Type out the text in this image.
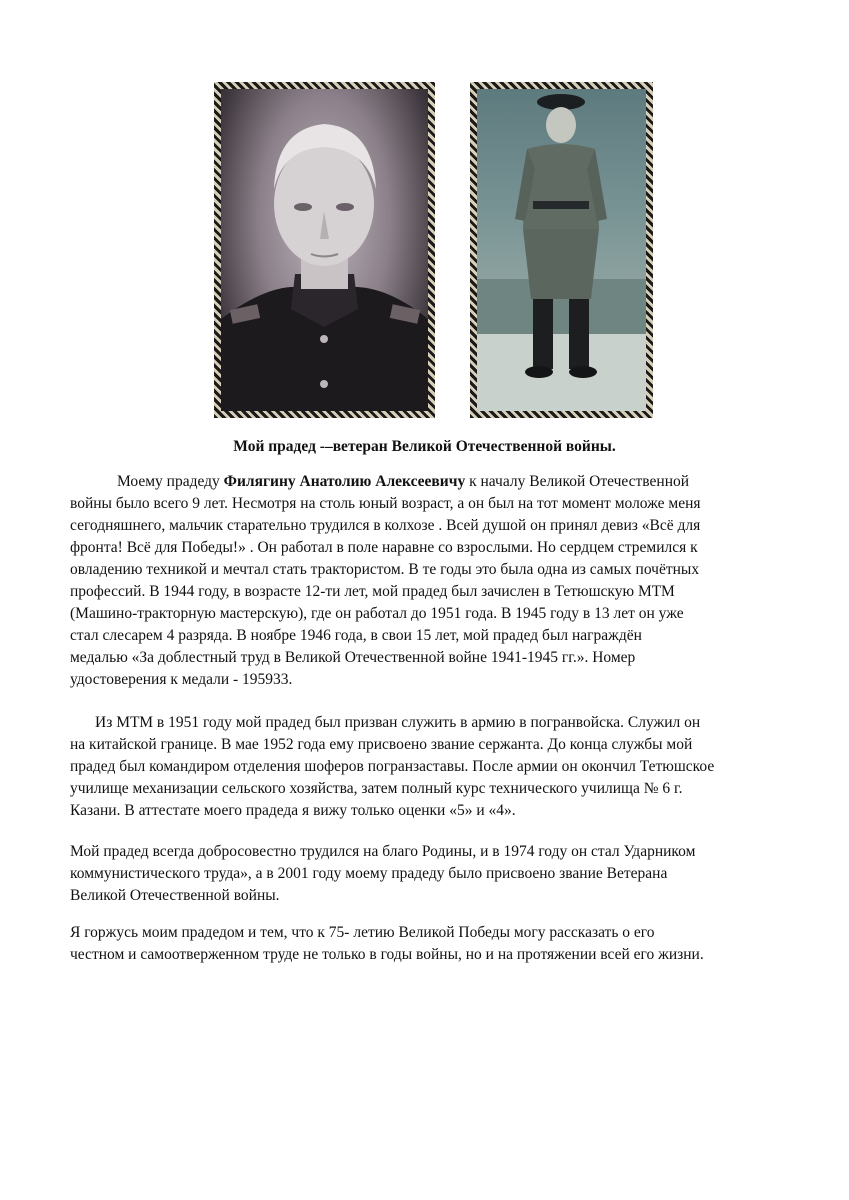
Мой прадед -–ветеран Великой Отечественной войны.
Моему прадеду Филягину Анатолию Алексеевичу к началу Великой Отечественной
войны было всего 9 лет. Несмотря на столь юный возраст, а он был на тот момент моложе меня
сегодняшнего, мальчик старательно трудился в колхозе . Всей душой он принял девиз «Всё для
фронта! Всё для Победы!» . Он работал в поле наравне со взрослыми. Но сердцем стремился к
овладению техникой и мечтал стать трактористом. В те годы это была одна из самых почётных
профессий. В 1944 году, в возрасте 12-ти лет, мой прадед был зачислен в Тетюшскую МТМ
(Машино-тракторную мастерскую), где он работал до 1951 года. В 1945 году в 13 лет он уже
стал слесарем 4 разряда. В ноябре 1946 года, в свои 15 лет, мой прадед был награждён
медалью «За доблестный труд в Великой Отечественной войне 1941-1945 гг.». Номер
удостоверения к медали - 195933.
Из МТМ в 1951 году мой прадед был призван служить в армию в погранвойска. Служил он
на китайской границе. В мае 1952 года ему присвоено звание сержанта. До конца службы мой
прадед был командиром отделения шоферов погранзаставы. После армии он окончил Тетюшское
училище механизации сельского хозяйства, затем полный курс технического училища № 6 г.
Казани. В аттестате моего прадеда я вижу только оценки «5» и «4».
Мой прадед всегда добросовестно трудился на благо Родины, и в 1974 году он стал Ударником
коммунистического труда», а в 2001 году моему прадеду было присвоено звание Ветерана
Великой Отечественной войны.
Я горжусь моим прадедом и тем, что к 75- летию Великой Победы могу рассказать о его
честном и самоотверженном труде не только в годы войны, но и на протяжении всей его жизни.
